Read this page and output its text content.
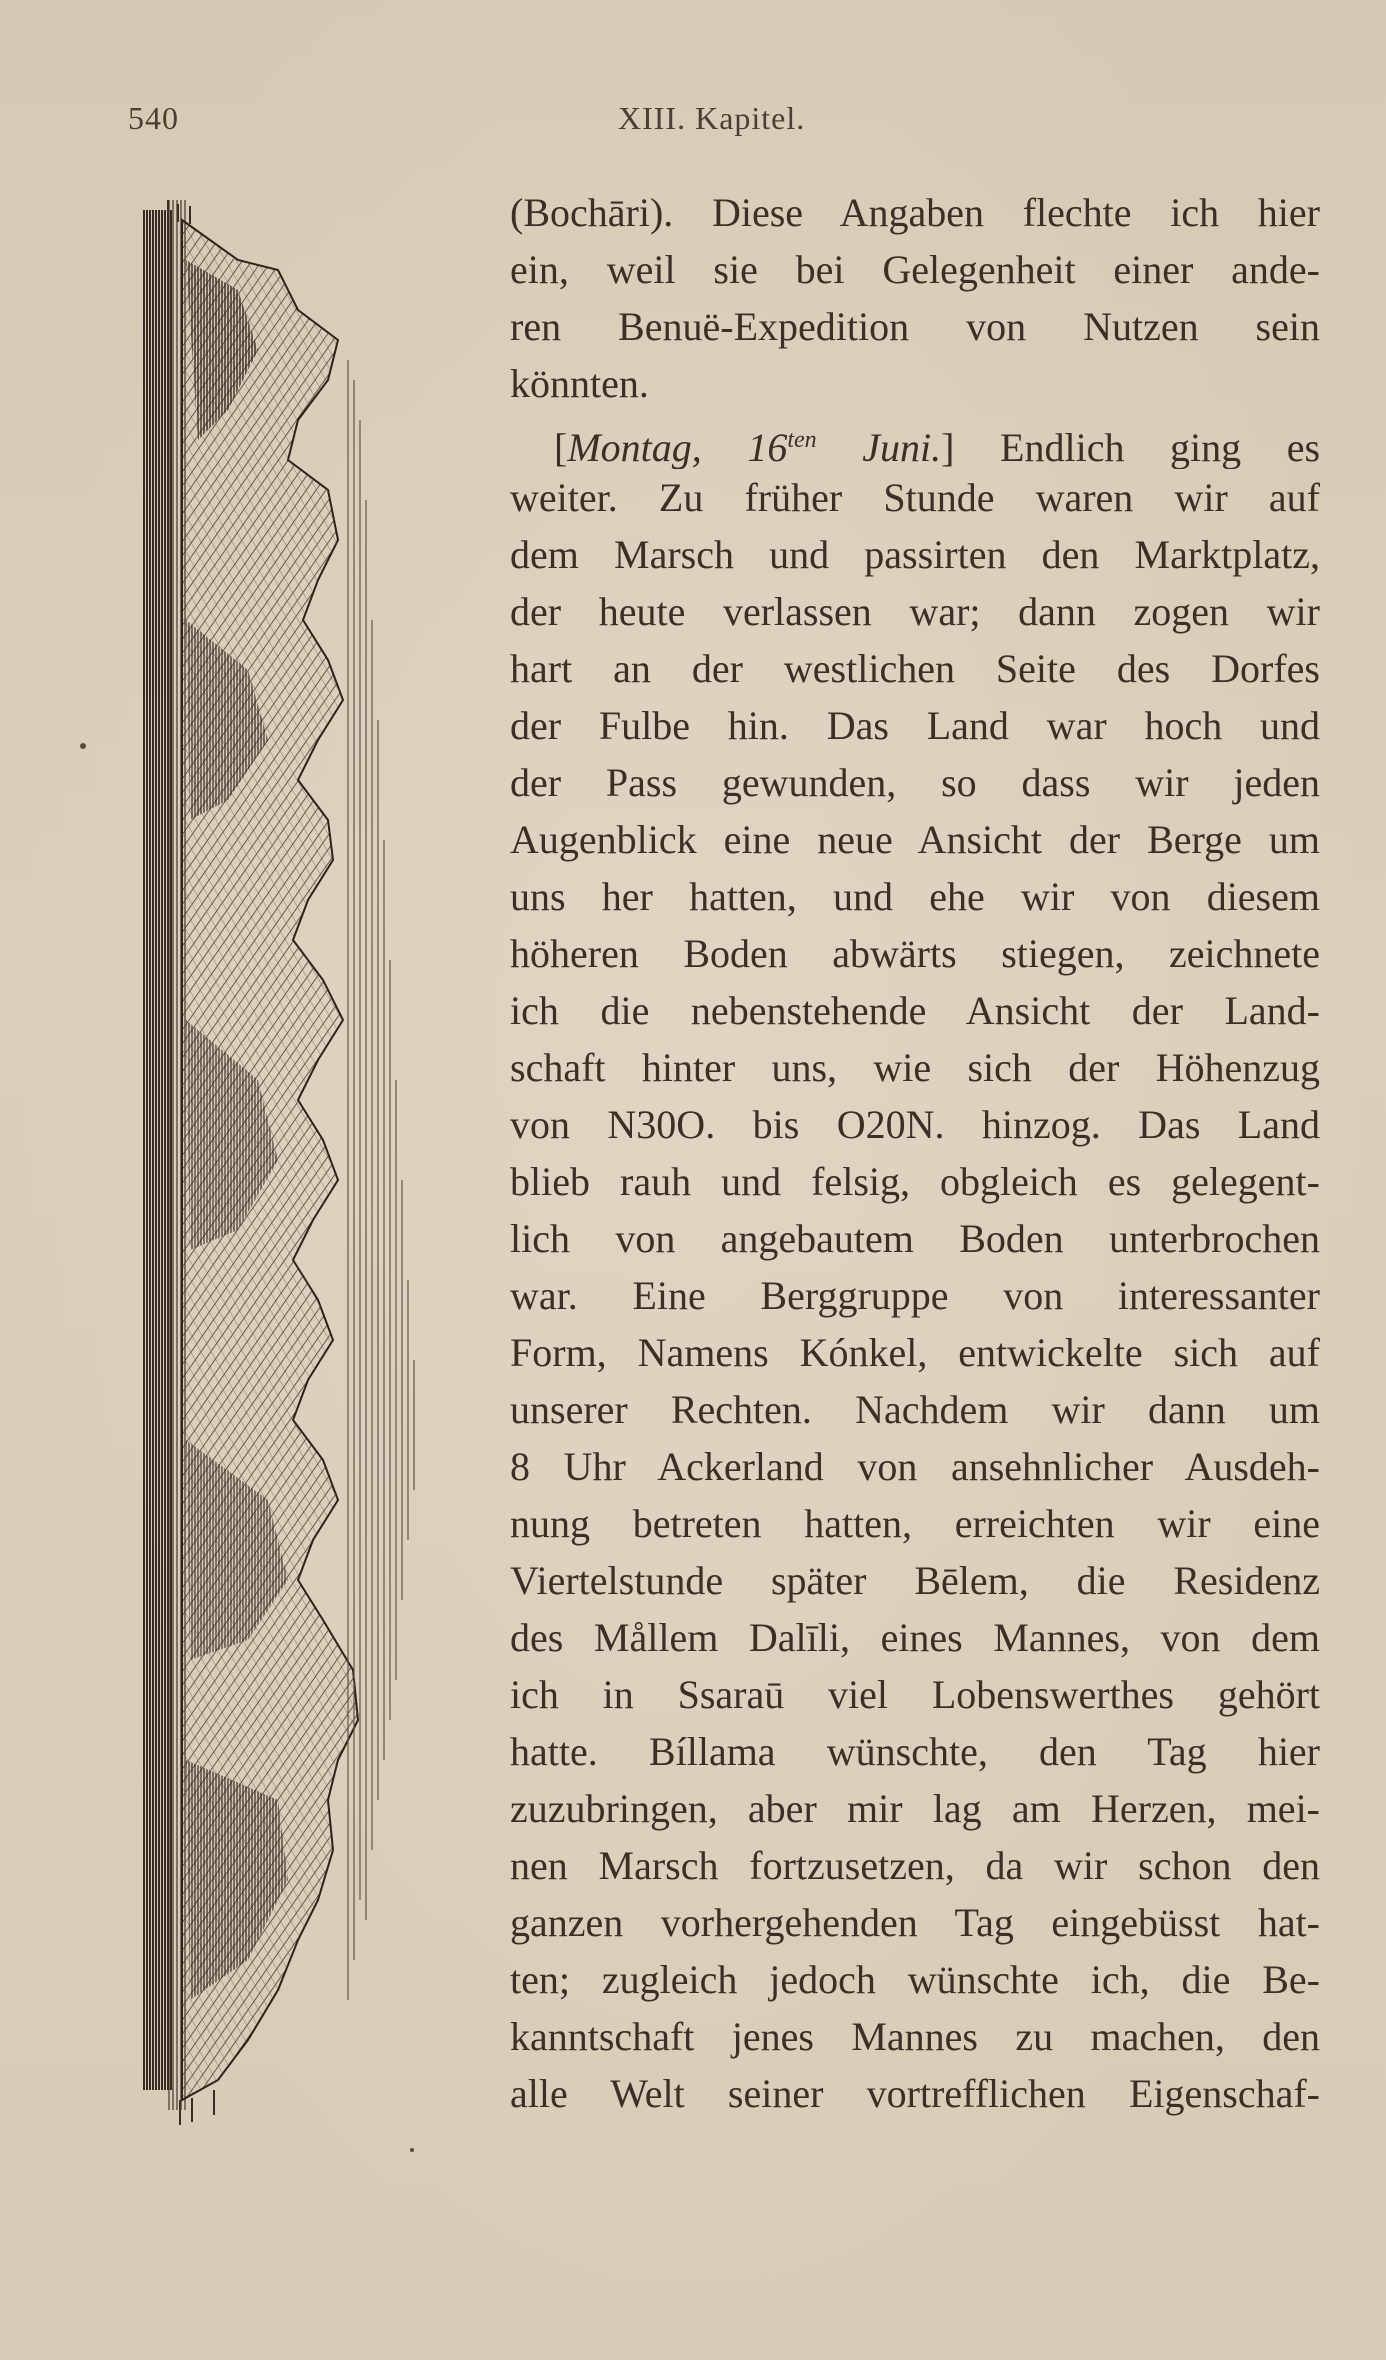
540	XIII. Kapitel.
(Bochāri). Diese Angaben flechte ich hier
ein, weil sie bei Gelegenheit einer ande-
ren Benuë-Expedition von Nutzen sein
könnten.
[Montag, $16^{ten}$ Juni.] Endlich ging es
weiter. Zu früher Stunde waren wir auf
dem Marsch und passirten den Marktplatz,
der heute verlassen war; dann zogen wir
hart an der westlichen Seite des Dorfes
der Fulbe hin. Das Land war hoch und
der Pass gewunden, so dass wir jeden
Augenblick eine neue Ansicht der Berge um
uns her hatten, und ehe wir von diesem
höheren Boden abwärts stiegen, zeichnete
ich die nebenstehende Ansicht der Land-
schaft hinter uns, wie sich der Höhenzug
von N30O. bis O20N. hinzog. Das Land
blieb rauh und felsig, obgleich es gelegent-
lich von angebautem Boden unterbrochen
war. Eine Berggruppe von interessanter
Form, Namens Kónkel, entwickelte sich auf
unserer Rechten. Nachdem wir dann um
8 Uhr Ackerland von ansehnlicher Ausdeh-
nung betreten hatten, erreichten wir eine
Viertelstunde später Bēlem, die Residenz
des Mållem Dalīli, eines Mannes, von dem
ich in Ssaraū viel Lobenswerthes gehört
hatte. Bíllama wünschte, den Tag hier
zuzubringen, aber mir lag am Herzen, mei-
nen Marsch fortzusetzen, da wir schon den
ganzen vorhergehenden Tag eingebüsst hat-
ten; zugleich jedoch wünschte ich, die Be-
kanntschaft jenes Mannes zu machen, den
alle Welt seiner vortrefflichen Eigenschaf-
